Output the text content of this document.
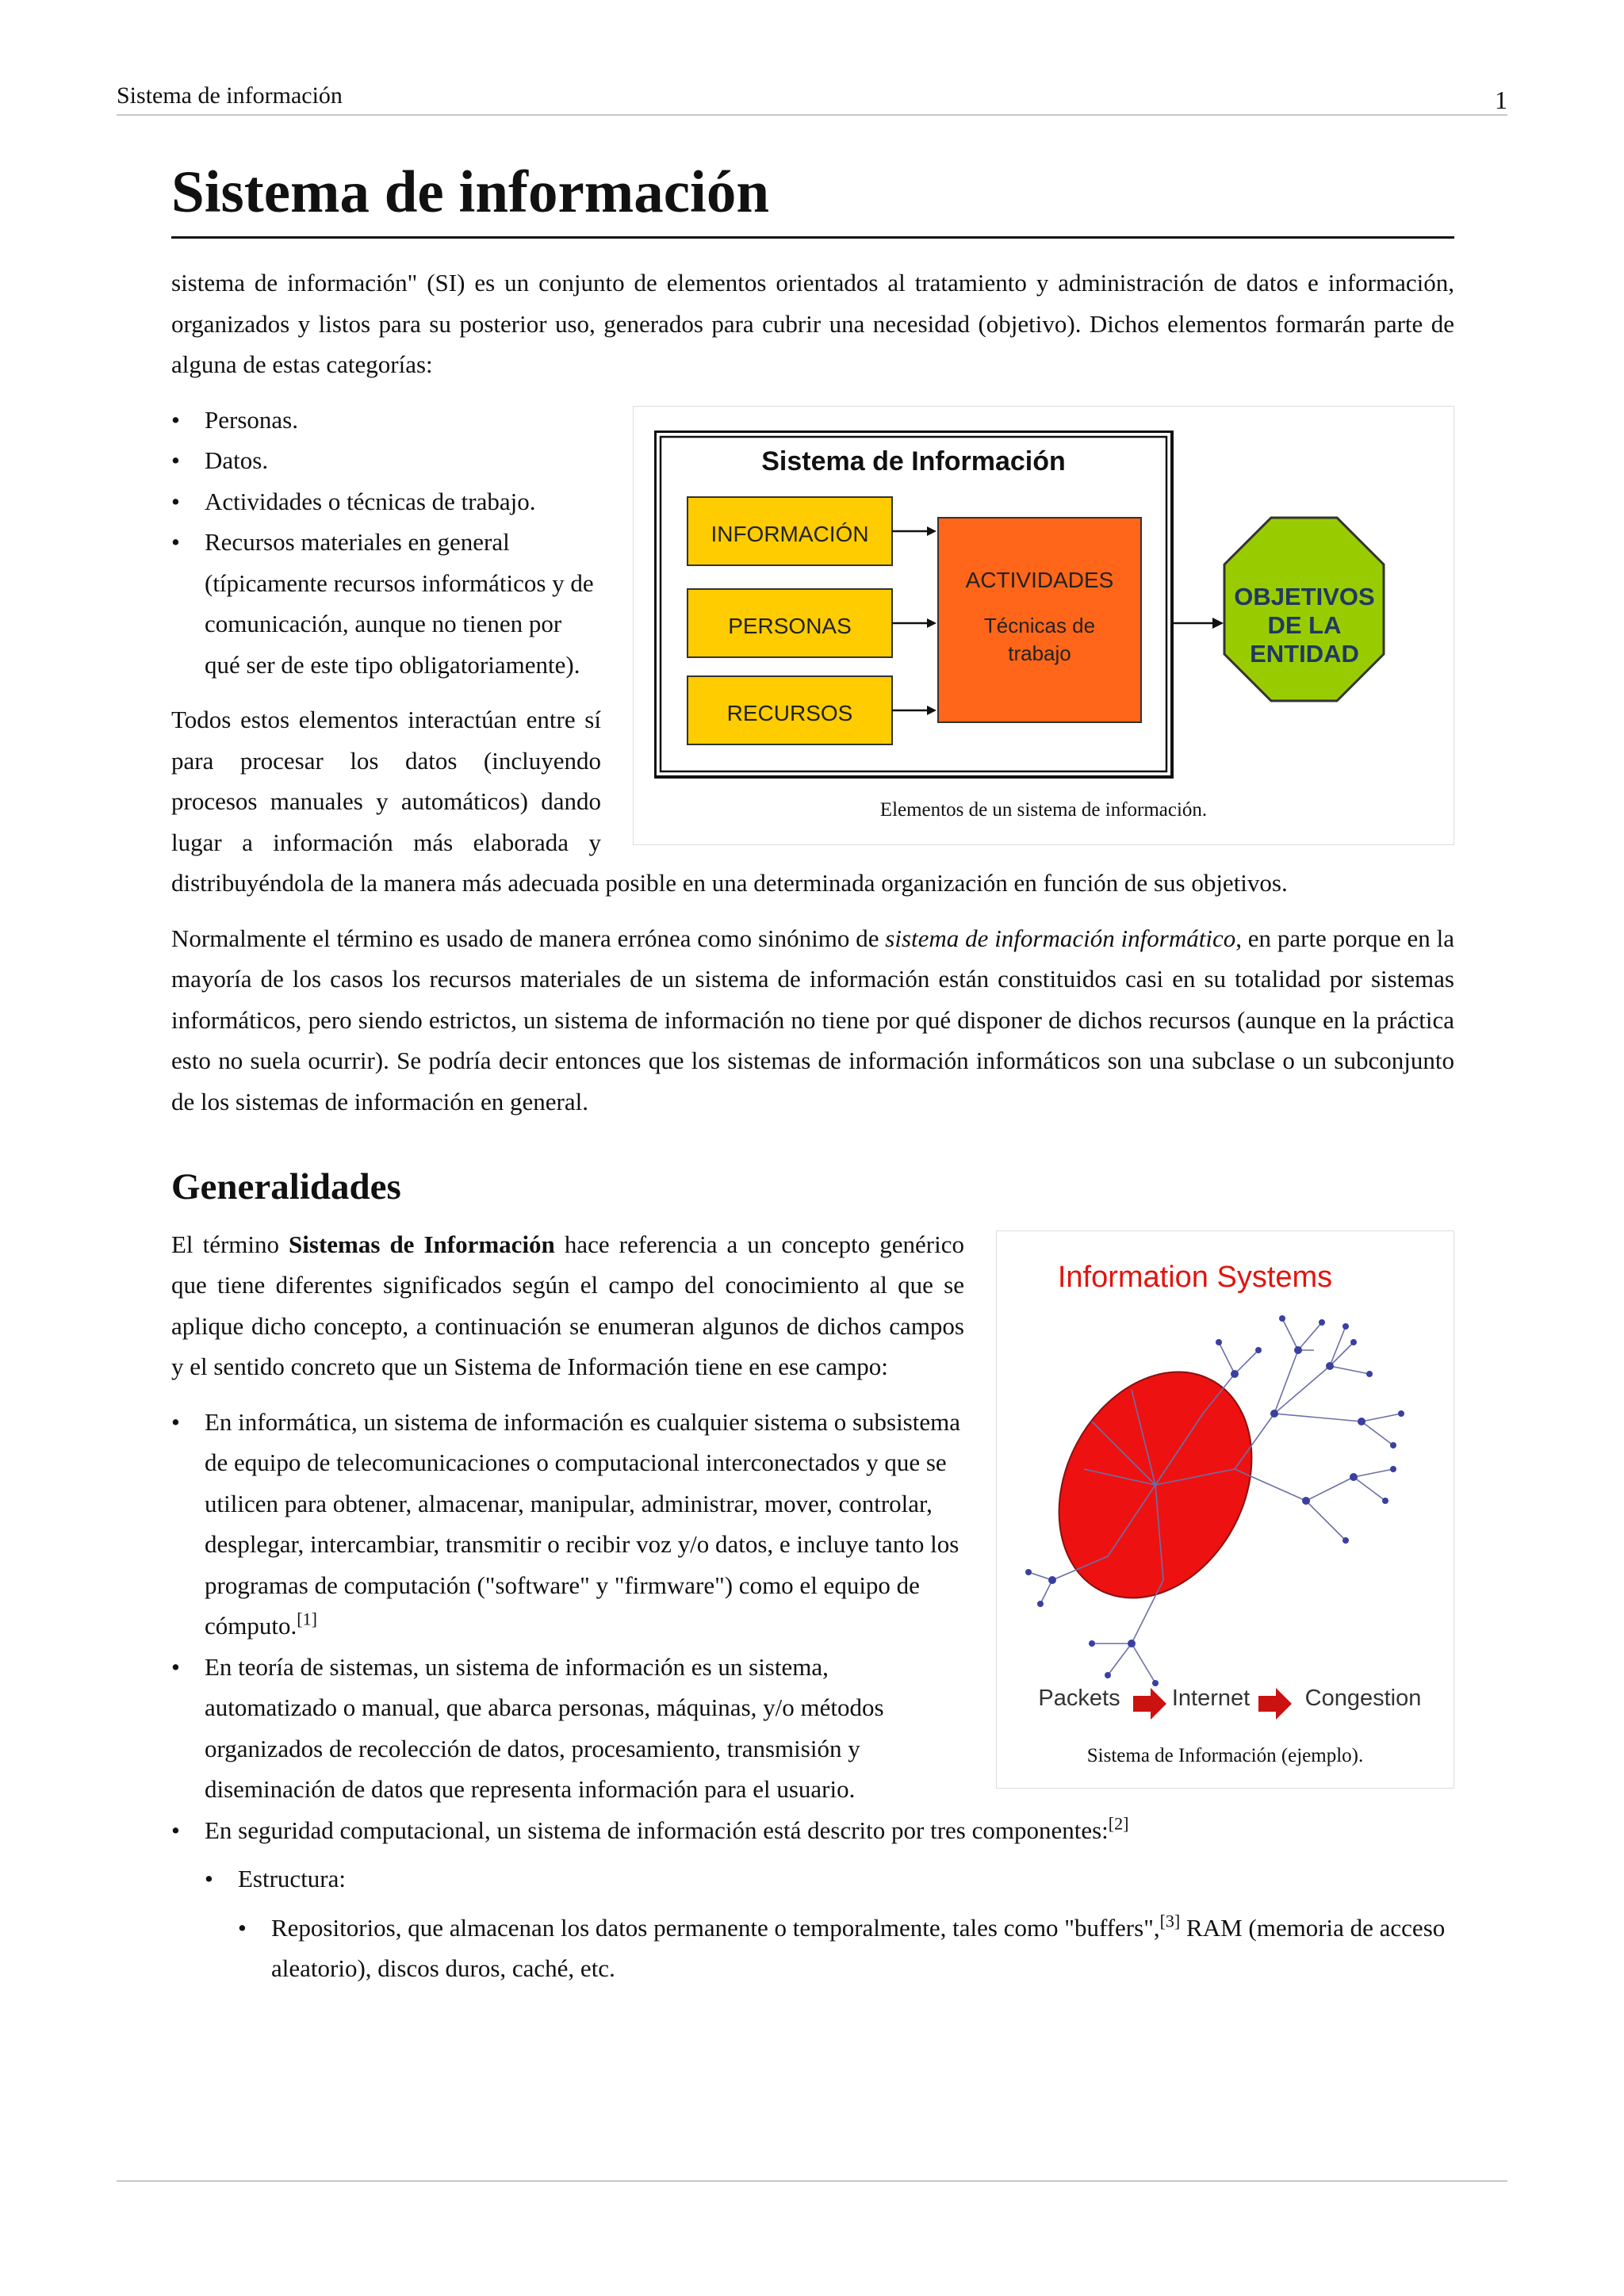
Sistema de información	1
Sistema de información

sistema de información" (SI) es un conjunto de elementos orientados al tratamiento y administración de datos e información, organizados y listos para su posterior uso, generados para cubrir una necesidad (objetivo). Dichos elementos formarán parte de alguna de estas categorías:

Sistema de Información
INFORMACIÓN
PERSONAS
RECURSOS
ACTIVIDADES
Técnicas de
trabajo
OBJETIVOS
DE LA
ENTIDAD
Elementos de un sistema de información.
• Personas.
• Datos.
• Actividades o técnicas de trabajo.
• Recursos materiales en general (típicamente recursos informáticos y de comunicación, aunque no tienen por qué ser de este tipo obligatoriamente).

Todos estos elementos interactúan entre sí para procesar los datos (incluyendo procesos manuales y automáticos) dando lugar a información más elaborada y distribuyéndola de la manera más adecuada posible en una determinada organización en función de sus objetivos.

Normalmente el término es usado de manera errónea como sinónimo de sistema de información informático, en parte porque en la mayoría de los casos los recursos materiales de un sistema de información están constituidos casi en su totalidad por sistemas informáticos, pero siendo estrictos, un sistema de información no tiene por qué disponer de dichos recursos (aunque en la práctica esto no suela ocurrir). Se podría decir entonces que los sistemas de información informáticos son una subclase o un subconjunto de los sistemas de información en general.

Generalidades
Information Systems
Packets Internet Congestion
Sistema de Información (ejemplo).

El término Sistemas de Información hace referencia a un concepto genérico que tiene diferentes significados según el campo del conocimiento al que se aplique dicho concepto, a continuación se enumeran algunos de dichos campos y el sentido concreto que un Sistema de Información tiene en ese campo:

• En informática, un sistema de información es cualquier sistema o subsistema de equipo de telecomunicaciones o computacional interconectados y que se utilicen para obtener, almacenar, manipular, administrar, mover, controlar, desplegar, intercambiar, transmitir o recibir voz y/o datos, e incluye tanto los programas de computación ("software" y "firmware") como el equipo de cómputo.[1]
• En teoría de sistemas, un sistema de información es un sistema, automatizado o manual, que abarca personas, máquinas, y/o métodos organizados de recolección de datos, procesamiento, transmisión y diseminación de datos que representa información para el usuario.
• En seguridad computacional, un sistema de información está descrito por tres componentes:[2]
• Estructura:
• Repositorios, que almacenan los datos permanente o temporalmente, tales como "buffers",[3] RAM (memoria de acceso aleatorio), discos duros, caché, etc.
